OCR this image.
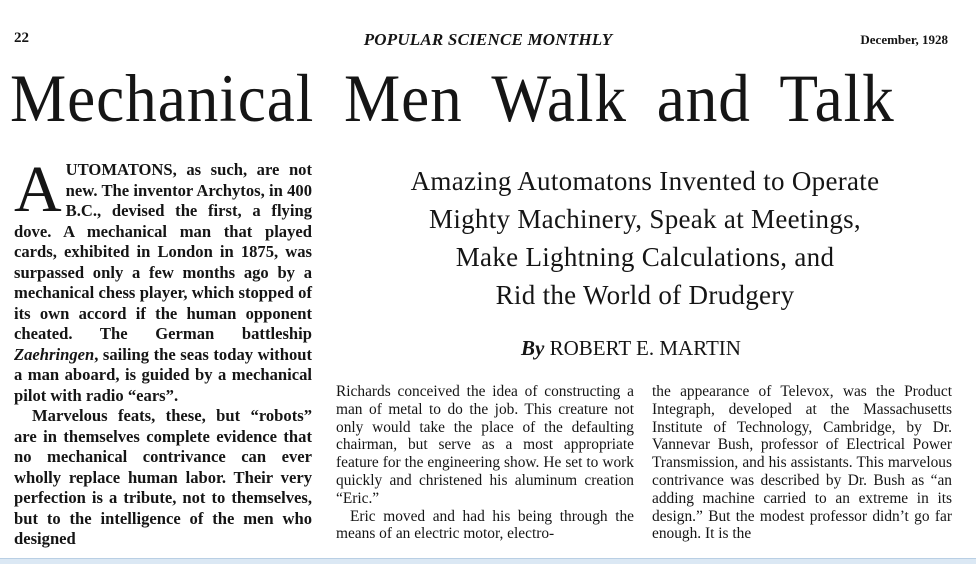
22	POPULAR SCIENCE MONTHLY	December, 1928
Mechanical Men Walk and Talk

AUTOMATONS, as such, are not new. The inventor Archytos, in 400 B.C., devised the first, a flying dove. A mechanical man that played cards, exhibited in London in 1875, was surpassed only a few months ago by a mechanical chess player, which stopped of its own accord if the human opponent cheated. The German battleship Zaehringen, sailing the seas today without a man aboard, is guided by a mechanical pilot with radio “ears”.

Marvelous feats, these, but “robots” are in themselves complete evidence that no mechanical contrivance can ever wholly replace human labor. Their very perfection is a tribute, not to themselves, but to the intelligence of the men who designed

Amazing Automatons Invented to Operate
Mighty Machinery, Speak at Meetings,
Make Lightning Calculations, and
Rid the World of Drudgery
By ROBERT E. MARTIN

Richards conceived the idea of constructing a man of metal to do the job. This creature not only would take the place of the defaulting chairman, but serve as a most appropriate feature for the engineering show. He set to work quickly and christened his aluminum creation “Eric.”

Eric moved and had his being through the means of an electric motor, electro-

the appearance of Televox, was the Product Integraph, developed at the Massachusetts Institute of Technology, Cambridge, by Dr. Vannevar Bush, professor of Electrical Power Transmission, and his assistants. This marvelous contrivance was described by Dr. Bush as “an adding machine carried to an extreme in its design.” But the modest professor didn’t go far enough. It is the
